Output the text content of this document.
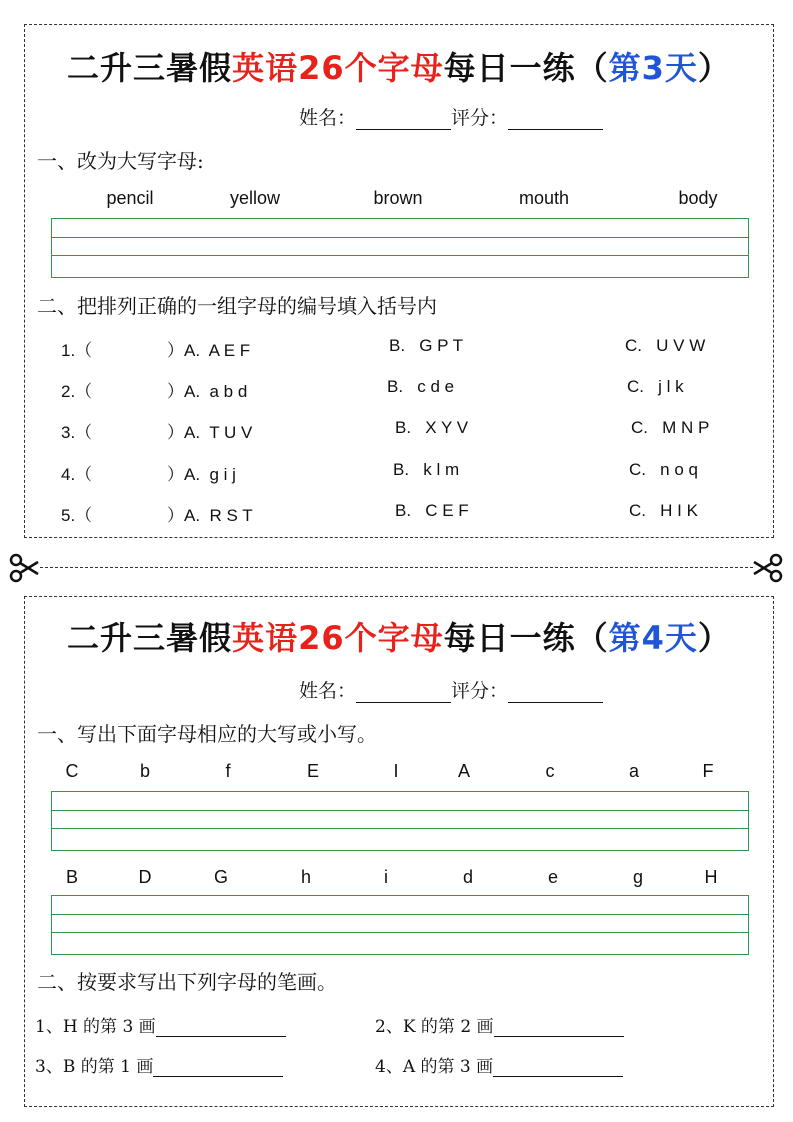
二升三暑假英语26个字母每日一练（第3天）
姓名：	评分：
一、改为大写字母:
pencil	yellow	brown	mouth	body
二、把排列正确的一组字母的编号填入括号内
1.（	）A.  A E F	B.   G P T	C.   U V W
2.（	）A.  a b d	B.   c d e	C.   j l k
3.（	）A.  T U V	B.   X Y V	C.   M N P
4.（	）A.  g i j	B.   k l m	C.   n o q
5.（	）A.  R S T	B.   C E F	C.   H I K
二升三暑假英语26个字母每日一练（第4天）
姓名：	评分：
一、写出下面字母相应的大写或小写。
C	b	f	E	I	A	c	a	F
B	D	G	h	i	d	e	g	H
二、按要求写出下列字母的笔画。
1、H 的第 3 画	2、K 的第 2 画
3、B 的第 1 画	4、A 的第 3 画
